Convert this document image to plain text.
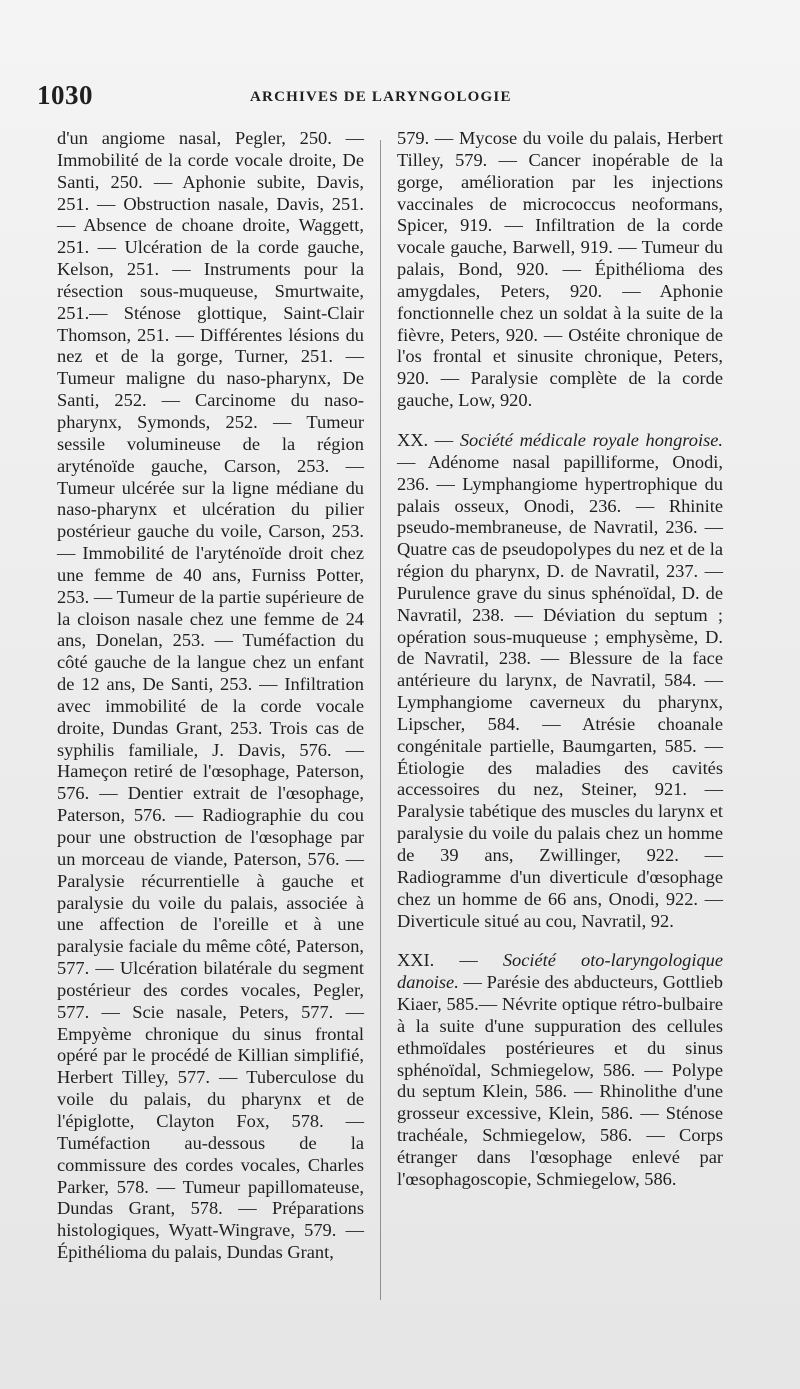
1030	ARCHIVES DE LARYNGOLOGIE

d'un angiome nasal, Pegler, 250. — Immobilité de la corde vocale droite, De Santi, 250. — Aphonie subite, Davis, 251. — Obstruction nasale, Davis, 251. — Absence de choane droite, Waggett, 251. — Ulcération de la corde gauche, Kelson, 251. — Instruments pour la résection sous-muqueuse, Smurtwaite, 251.— Sténose glottique, Saint-Clair Thomson, 251. — Différentes lésions du nez et de la gorge, Turner, 251. — Tumeur maligne du naso-pharynx, De Santi, 252. — Carcinome du naso-pharynx, Symonds, 252. — Tumeur sessile volumineuse de la région aryténoïde gauche, Carson, 253. — Tumeur ulcérée sur la ligne médiane du naso-pharynx et ulcération du pilier postérieur gauche du voile, Carson, 253. — Immobilité de l'aryténoïde droit chez une femme de 40 ans, Furniss Potter, 253. — Tumeur de la partie supérieure de la cloison nasale chez une femme de 24 ans, Donelan, 253. — Tuméfaction du côté gauche de la langue chez un enfant de 12 ans, De Santi, 253. — Infiltration avec immobilité de la corde vocale droite, Dundas Grant, 253. Trois cas de syphilis familiale, J. Davis, 576. — Hameçon retiré de l'œsophage, Paterson, 576. — Dentier extrait de l'œsophage, Paterson, 576. — Radiographie du cou pour une obstruction de l'œsophage par un morceau de viande, Paterson, 576. — Paralysie récurrentielle à gauche et paralysie du voile du palais, associée à une affection de l'oreille et à une paralysie faciale du même côté, Paterson, 577. — Ulcération bilatérale du segment postérieur des cordes vocales, Pegler, 577. — Scie nasale, Peters, 577. — Empyème chronique du sinus frontal opéré par le procédé de Killian simplifié, Herbert Tilley, 577. — Tuberculose du voile du palais, du pharynx et de l'épiglotte, Clayton Fox, 578. — Tuméfaction au-dessous de la commissure des cordes vocales, Charles Parker, 578. — Tumeur papillomateuse, Dundas Grant, 578. — Préparations histologiques, Wyatt-Wingrave, 579. — Épithélioma du palais, Dundas Grant,

579. — Mycose du voile du palais, Herbert Tilley, 579. — Cancer inopérable de la gorge, amélioration par les injections vaccinales de micrococcus neoformans, Spicer, 919. — Infiltration de la corde vocale gauche, Barwell, 919. — Tumeur du palais, Bond, 920. — Épithélioma des amygdales, Peters, 920. — Aphonie fonctionnelle chez un soldat à la suite de la fièvre, Peters, 920. — Ostéite chronique de l'os frontal et sinusite chronique, Peters, 920. — Paralysie complète de la corde gauche, Low, 920.

XX. — Société médicale royale hongroise. — Adénome nasal papilliforme, Onodi, 236. — Lymphangiome hypertrophique du palais osseux, Onodi, 236. — Rhinite pseudo-membraneuse, de Navratil, 236. — Quatre cas de pseudopolypes du nez et de la région du pharynx, D. de Navratil, 237. — Purulence grave du sinus sphénoïdal, D. de Navratil, 238. — Déviation du septum ; opération sous-muqueuse ; emphysème, D. de Navratil, 238. — Blessure de la face antérieure du larynx, de Navratil, 584. — Lymphangiome caverneux du pharynx, Lipscher, 584. — Atrésie choanale congénitale partielle, Baumgarten, 585. — Étiologie des maladies des cavités accessoires du nez, Steiner, 921. — Paralysie tabétique des muscles du larynx et paralysie du voile du palais chez un homme de 39 ans, Zwillinger, 922. — Radiogramme d'un diverticule d'œsophage chez un homme de 66 ans, Onodi, 922. — Diverticule situé au cou, Navratil, 92.

XXI. — Société oto-laryngologique danoise. — Parésie des abducteurs, Gottlieb Kiaer, 585.— Névrite optique rétro-bulbaire à la suite d'une suppuration des cellules ethmoïdales postérieures et du sinus sphénoïdal, Schmiegelow, 586. — Polype du septum Klein, 586. — Rhinolithe d'une grosseur excessive, Klein, 586. — Sténose trachéale, Schmiegelow, 586. — Corps étranger dans l'œsophage enlevé par l'œsophagoscopie, Schmiegelow, 586.
